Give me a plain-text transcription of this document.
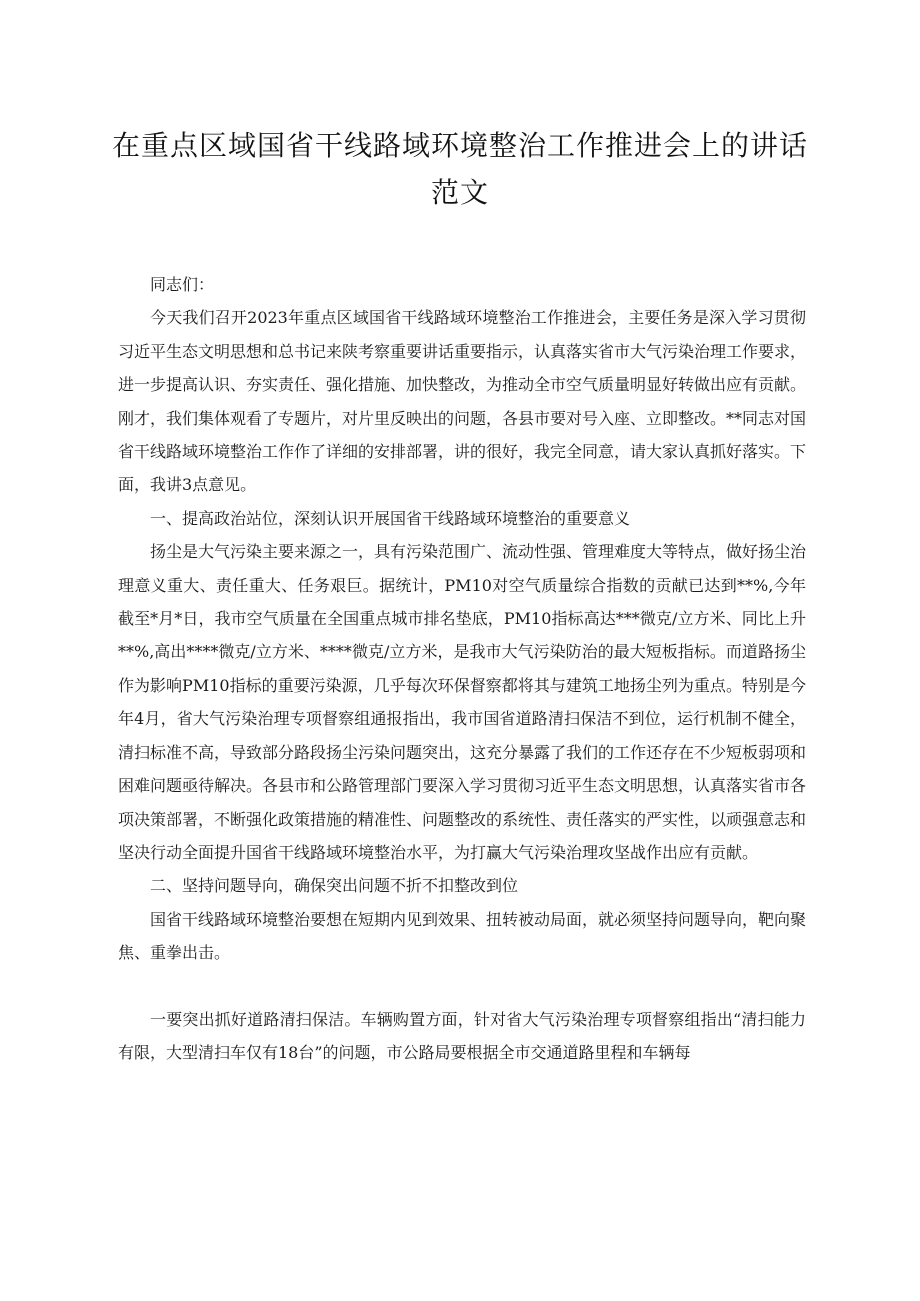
在重点区域国省干线路域环境整治工作推进会上的讲话
范文

同志们：

今天我们召开2023年重点区域国省干线路域环境整治工作推进会，主要任务是深入学习贯彻习近平生态文明思想和总书记来陕考察重要讲话重要指示，认真落实省市大气污染治理工作要求，进一步提高认识、夯实责任、强化措施、加快整改，为推动全市空气质量明显好转做出应有贡献。刚才，我们集体观看了专题片，对片里反映出的问题，各县市要对号入座、立即整改。**同志对国省干线路域环境整治工作作了详细的安排部署，讲的很好，我完全同意，请大家认真抓好落实。下面，我讲3点意见。

一、提高政治站位，深刻认识开展国省干线路域环境整治的重要意义

扬尘是大气污染主要来源之一，具有污染范围广、流动性强、管理难度大等特点，做好扬尘治理意义重大、责任重大、任务艰巨。据统计，PM10对空气质量综合指数的贡献已达到**%,今年截至*月*日，我市空气质量在全国重点城市排名垫底，PM10指标高达***微克/立方米、同比上升**%,高出****微克/立方米、****微克/立方米，是我市大气污染防治的最大短板指标。而道路扬尘作为影响PM10指标的重要污染源，几乎每次环保督察都将其与建筑工地扬尘列为重点。特别是今年4月，省大气污染治理专项督察组通报指出，我市国省道路清扫保洁不到位，运行机制不健全，清扫标准不高，导致部分路段扬尘污染问题突出，这充分暴露了我们的工作还存在不少短板弱项和困难问题亟待解决。各县市和公路管理部门要深入学习贯彻习近平生态文明思想，认真落实省市各项决策部署，不断强化政策措施的精准性、问题整改的系统性、责任落实的严实性，以顽强意志和坚决行动全面提升国省干线路域环境整治水平，为打赢大气污染治理攻坚战作出应有贡献。

二、坚持问题导向，确保突出问题不折不扣整改到位

国省干线路域环境整治要想在短期内见到效果、扭转被动局面，就必须坚持问题导向，靶向聚焦、重拳出击。

一要突出抓好道路清扫保洁。车辆购置方面，针对省大气污染治理专项督察组指出“清扫能力有限，大型清扫车仅有18台”的问题，市公路局要根据全市交通道路里程和车辆每
